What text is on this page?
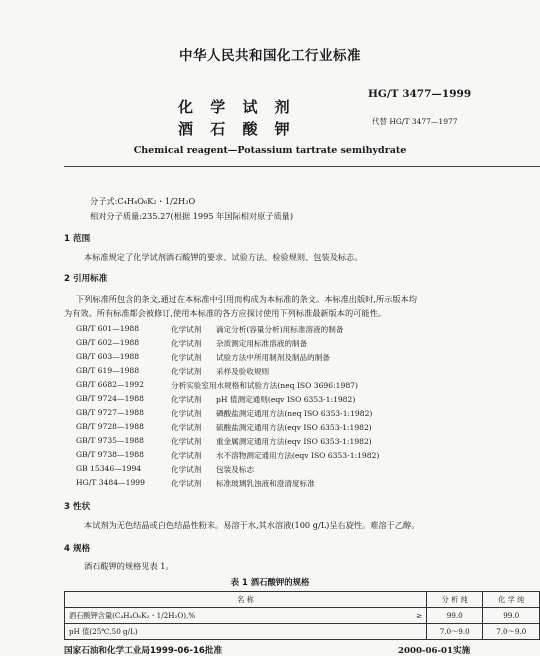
中华人民共和国化工行业标准
化 学 试 剂
酒 石 酸 钾
HG/T 3477—1999
代替 HG/T 3477—1977
Chemical reagent—Potassium tartrate semihydrate
分子式:C₄H₄O₆K₂・1/2H₂O
相对分子质量:235.27(根据 1995 年国际相对原子质量)
1 范围
本标准规定了化学试剂酒石酸钾的要求、试验方法、检验规则、包装及标志。
2 引用标准
下列标准所包含的条文,通过在本标准中引用而构成为本标准的条文。本标准出版时,所示版本均
为有效。所有标准都会被修订,使用本标准的各方应探讨使用下列标准最新版本的可能性。
GB/T 601—1988	化学试剂 滴定分析(容量分析)用标准溶液的制备
GB/T 602—1988	化学试剂 杂质测定用标准溶液的制备
GB/T 603—1988	化学试剂 试验方法中所用制剂及制品的制备
GB/T 619—1988	化学试剂 采样及验收规则
GB/T 6682—1992	分析实验室用水规格和试验方法(neq ISO 3696:1987)
GB/T 9724—1988	化学试剂 pH 值测定通则(eqv ISO 6353-1:1982)
GB/T 9727—1988	化学试剂 磷酸盐测定通用方法(neq ISO 6353-1:1982)
GB/T 9728—1988	化学试剂 硫酸盐测定通用方法(eqv ISO 6353-1:1982)
GB/T 9735—1988	化学试剂 重金属测定通用方法(eqv ISO 6353-1:1982)
GB/T 9738—1988	化学试剂 水不溶物测定通用方法(eqv ISO 6353-1:1982)
GB 15346—1994	化学试剂 包装及标志
HG/T 3484—1999	化学试剂 标准玻璃乳浊液和澄清度标准
3 性状
本试剂为无色结晶或白色结晶性粉末。易溶于水,其水溶液(100 g/L)呈右旋性。难溶于乙醇。
4 规格
酒石酸钾的规格见表 1。
表 1 酒石酸钾的规格
名 称		分 析 纯	化 学 纯
酒石酸钾含量(C₄H₄O₆K₂・1/2H₂O),%	≥	99.0	99.0
pH 值(25℃,50 g/L)		7.0～9.0	7.0～9.0
国家石油和化学工业局1999-06-16批准	2000-06-01实施
